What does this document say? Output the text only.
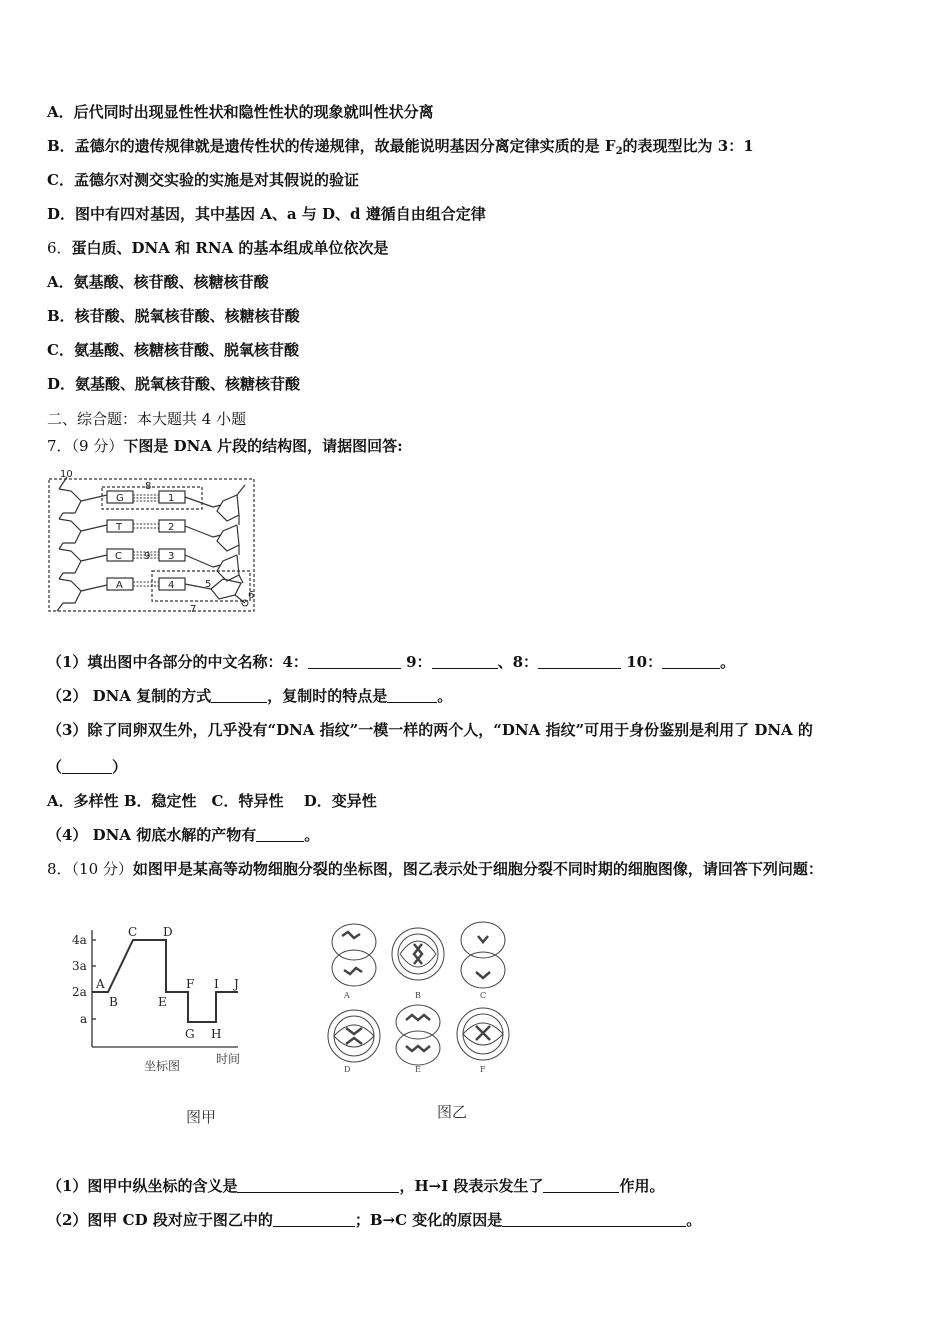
A．后代同时出现显性性状和隐性性状的现象就叫性状分离
B．孟德尔的遗传规律就是遗传性状的传递规律，故最能说明基因分离定律实质的是 $F_2$的表现型比为 3：1
C．孟德尔对测交实验的实施是对其假说的验证
D．图中有四对基因，其中基因 A、a 与 D、d 遵循自由组合定律
6．蛋白质、DNA 和 RNA 的基本组成单位依次是
A．氨基酸、核苷酸、核糖核苷酸
B．核苷酸、脱氧核苷酸、核糖核苷酸
C．氨基酸、核糖核苷酸、脱氧核苷酸
D．氨基酸、脱氧核苷酸、核糖核苷酸
二、综合题：本大题共 4 小题
7．（9 分）下图是 DNA 片段的结构图，请据图回答:
10
G
8
T
C
A
1
2
3
4	5
6
7
9
（1）填出图中各部分的中文名称：4：	9：	、8：	10：	。
（2） DNA 复制的方式	，复制时的特点是	。
（3）除了同卵双生外，几乎没有“DNA 指纹”一模一样的两个人，“DNA 指纹”可用于身份鉴别是利用了 DNA 的
（	）
A．多样性 B．稳定性　C．特异性　 D．变异性
（4） DNA 彻底水解的产物有	。
8．（10 分）如图甲是某高等动物细胞分裂的坐标图，图乙表示处于细胞分裂不同时期的细胞图像，请回答下列问题：
4a
3a
2a
a
A
B
C D
E
F
G H
I J
时间
坐标图
A	B	C
D	E	F
图甲	图乙
（1）图甲中纵坐标的含义是	，H→I 段表示发生了	作用。
（2）图甲 CD 段对应于图乙中的	；B→C 变化的原因是	。
